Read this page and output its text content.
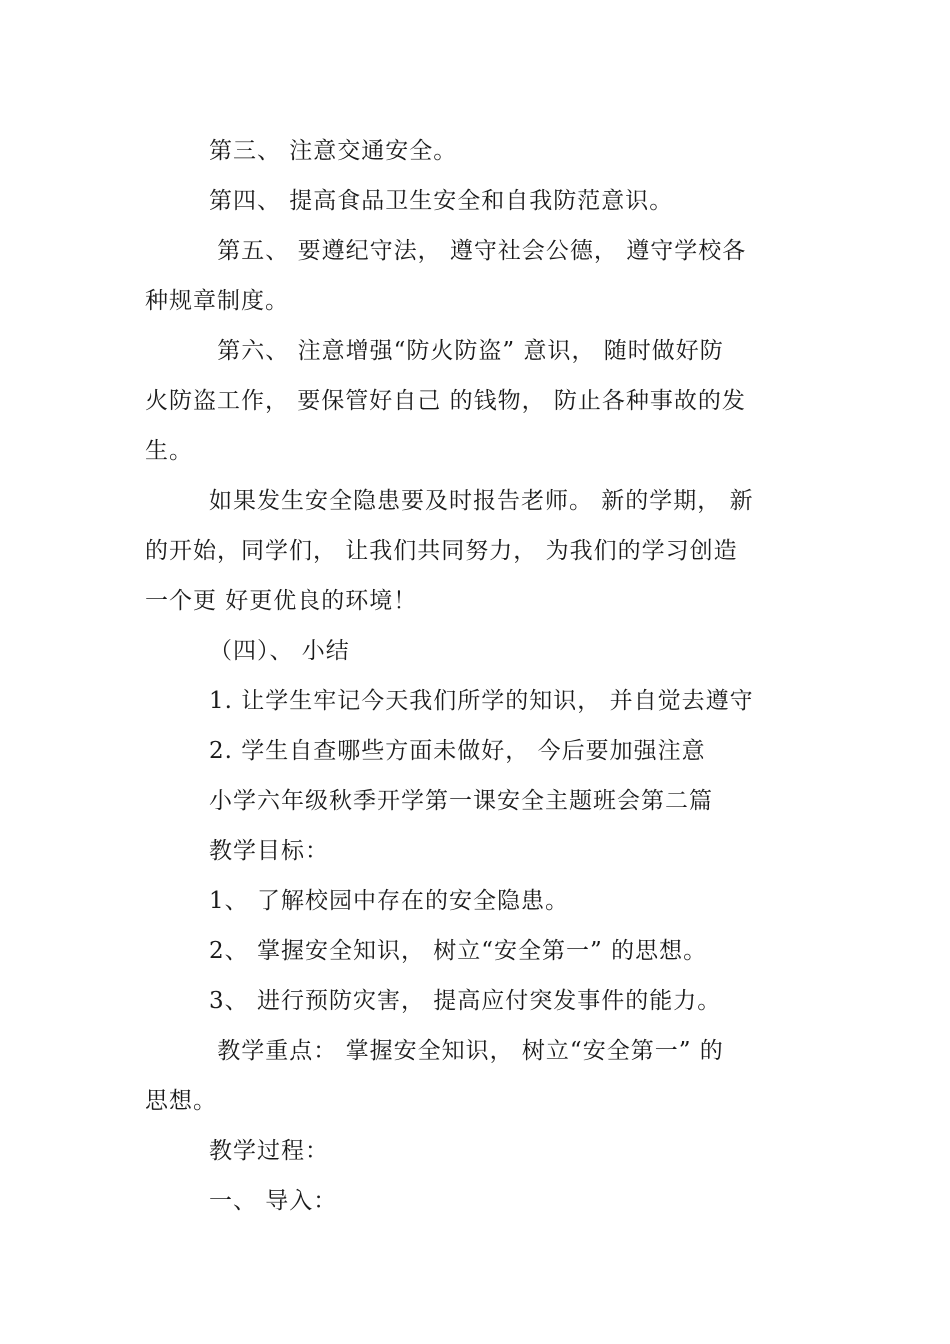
第三、 注意交通安全。
第四、 提高食品卫生安全和自我防范意识。
第五、 要遵纪守法， 遵守社会公德， 遵守学校各
种规章制度。
第六、 注意增强“防火防盗” 意识， 随时做好防
火防盗工作， 要保管好自己 的钱物， 防止各种事故的发
生。
如果发生安全隐患要及时报告老师。 新的学期， 新
的开始，同学们， 让我们共同努力， 为我们的学习创造
一个更 好更优良的环境！
（四）、 小结
1. 让学生牢记今天我们所学的知识， 并自觉去遵守
2. 学生自查哪些方面未做好， 今后要加强注意
小学六年级秋季开学第一课安全主题班会第二篇
教学目标：
1、 了解校园中存在的安全隐患。
2、 掌握安全知识， 树立“安全第一” 的思想。
3、 进行预防灾害， 提高应付突发事件的能力。
教学重点： 掌握安全知识， 树立“安全第一” 的
思想。
教学过程：
一、 导入：
